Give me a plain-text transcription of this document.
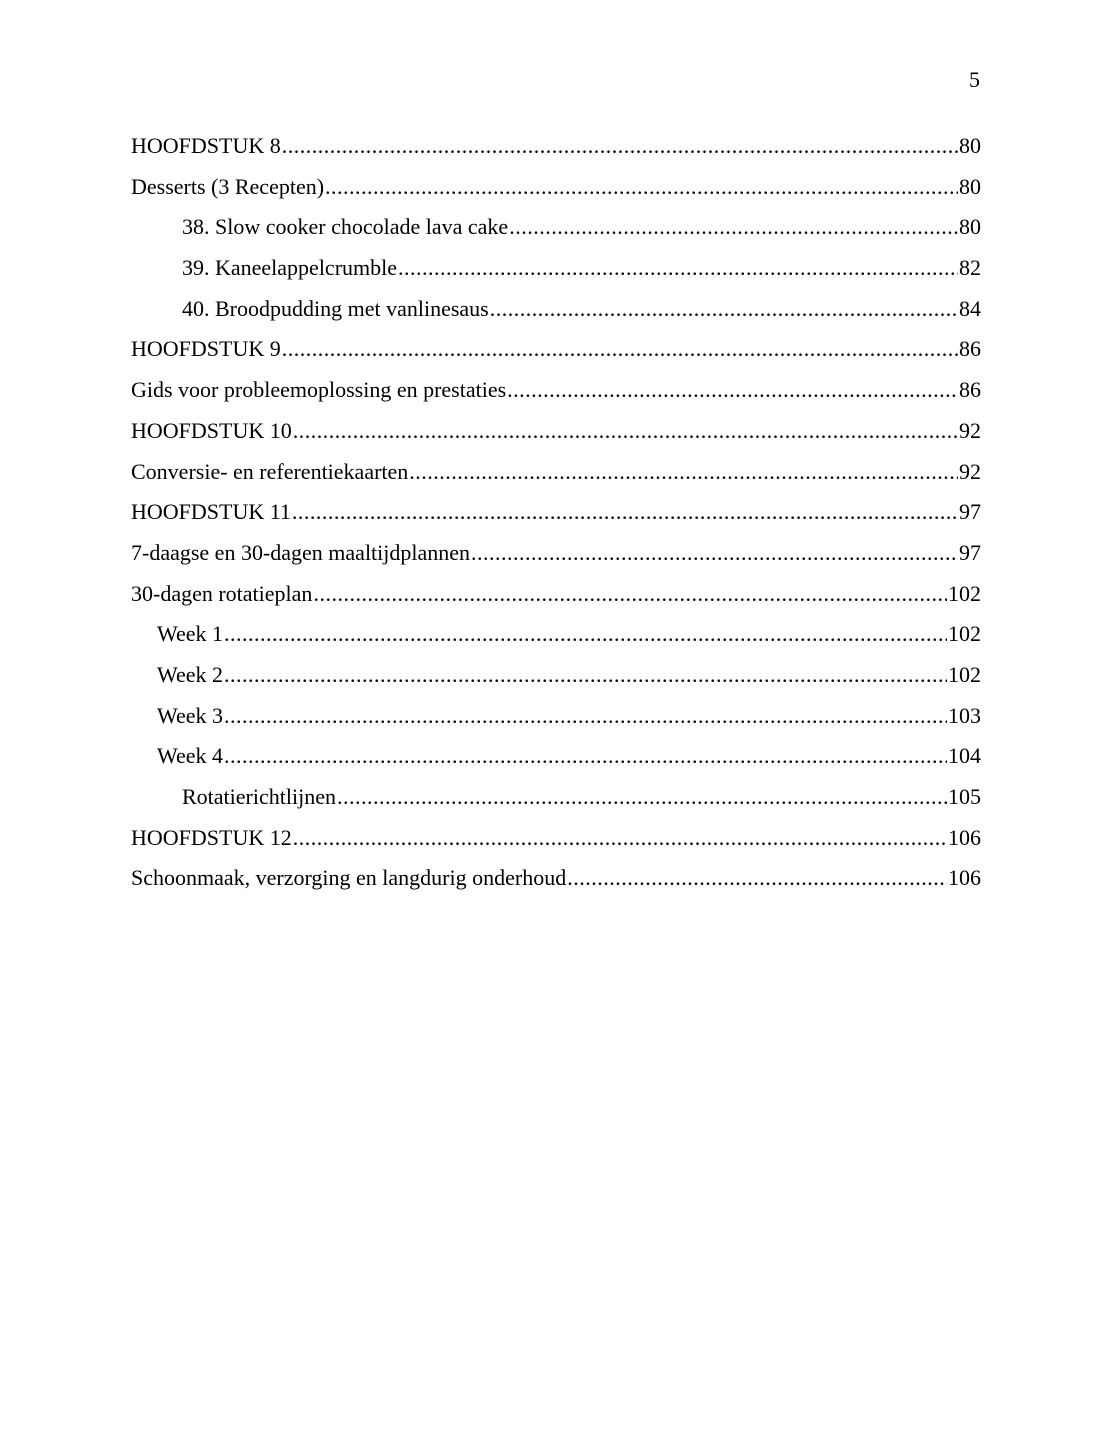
5
HOOFDSTUK 8 .....	80
Desserts (3 Recepten) .....	80
38. Slow cooker chocolade lava cake .....	80
39. Kaneelappelcrumble .....	82
40. Broodpudding met vanlinesaus .....	84
HOOFDSTUK 9 .....	86
Gids voor probleemoplossing en prestaties .....	86
HOOFDSTUK 10 .....	92
Conversie- en referentiekaarten .....	92
HOOFDSTUK 11 .....	97
7-daagse en 30-dagen maaltijdplannen .....	97
30-dagen rotatieplan .....	102
Week 1 .....	102
Week 2 .....	102
Week 3 .....	103
Week 4 .....	104
Rotatierichtlijnen .....	105
HOOFDSTUK 12 .....	106
Schoonmaak, verzorging en langdurig onderhoud .....	106
